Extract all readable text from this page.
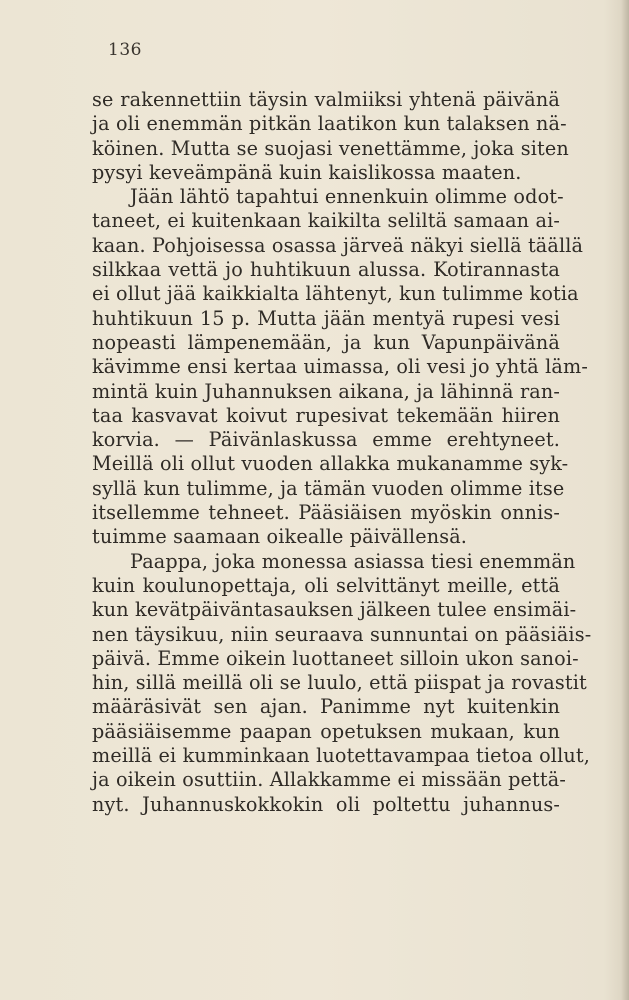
136
se rakennettiin täysin valmiiksi yhtenä päivänä
ja oli enemmän pitkän laatikon kun talaksen nä-
köinen. Mutta se suojasi venettämme, joka siten
pysyi keveämpänä kuin kaislikossa maaten.
Jään lähtö tapahtui ennenkuin olimme odot-
taneet, ei kuitenkaan kaikilta seliltä samaan ai-
kaan. Pohjoisessa osassa järveä näkyi siellä täällä
silkkaa vettä jo huhtikuun alussa. Kotirannasta
ei ollut jää kaikkialta lähtenyt, kun tulimme kotia
huhtikuun 15 p. Mutta jään mentyä rupesi vesi
nopeasti lämpenemään, ja kun Vapunpäivänä
kävimme ensi kertaa uimassa, oli vesi jo yhtä läm-
mintä kuin Juhannuksen aikana, ja lähinnä ran-
taa kasvavat koivut rupesivat tekemään hiiren
korvia. — Päivänlaskussa emme erehtyneet.
Meillä oli ollut vuoden allakka mukanamme syk-
syllä kun tulimme, ja tämän vuoden olimme itse
itsellemme tehneet. Pääsiäisen myöskin onnis-
tuimme saamaan oikealle päivällensä.
Paappa, joka monessa asiassa tiesi enemmän
kuin koulunopettaja, oli selvittänyt meille, että
kun kevätpäiväntasauksen jälkeen tulee ensimäi-
nen täysikuu, niin seuraava sunnuntai on pääsiäis-
päivä. Emme oikein luottaneet silloin ukon sanoi-
hin, sillä meillä oli se luulo, että piispat ja rovastit
määräsivät sen ajan. Panimme nyt kuitenkin
pääsiäisemme paapan opetuksen mukaan, kun
meillä ei kumminkaan luotettavampaa tietoa ollut,
ja oikein osuttiin. Allakkamme ei missään pettä-
nyt. Juhannuskokkokin oli poltettu juhannus-
